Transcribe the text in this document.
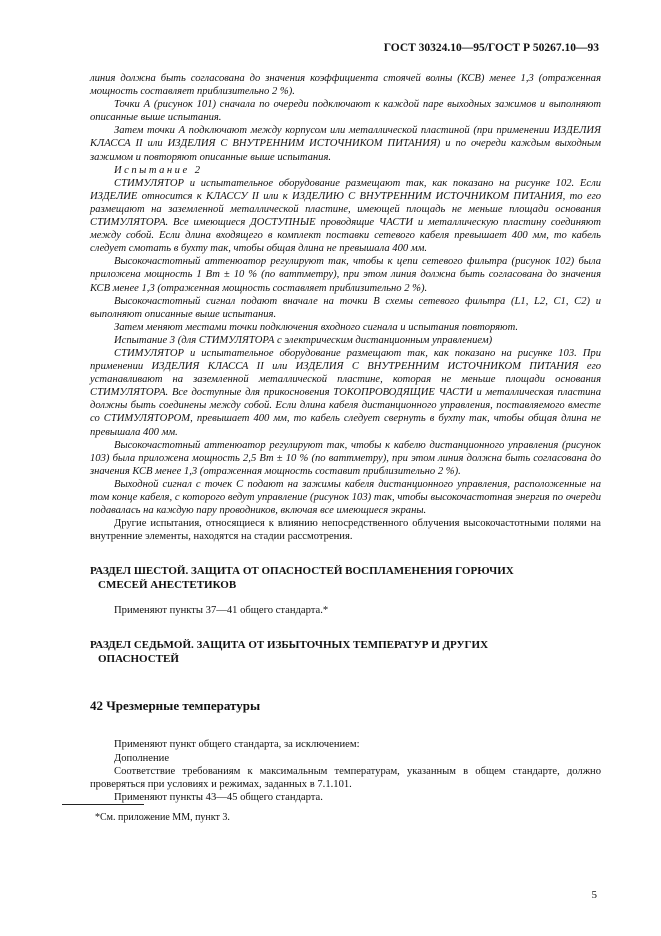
ГОСТ 30324.10—95/ГОСТ Р 50267.10—93

линия должна быть согласована до значения коэффициента стоячей волны (КСВ) менее 1,3 (отраженная мощность составляет приблизительно 2 %).

Точки А (рисунок 101) сначала по очереди подключают к каждой паре выходных зажимов и выполняют описанные выше испытания.

Затем точки А подключают между корпусом или металлической пластиной (при применении ИЗДЕЛИЯ КЛАССА II или ИЗДЕЛИЯ С ВНУТРЕННИМ ИСТОЧНИКОМ ПИТАНИЯ) и по очереди каждым выходным зажимом и повторяют описанные выше испытания.

Испытание 2

СТИМУЛЯТОР и испытательное оборудование размещают так, как показано на рисунке 102. Если ИЗДЕЛИЕ относится к КЛАССУ II или к ИЗДЕЛИЮ С ВНУТРЕННИМ ИСТОЧНИКОМ ПИТАНИЯ, то его размещают на заземленной металлической пластине, имеющей площадь не меньше площади основания СТИМУЛЯТОРА. Все имеющиеся ДОСТУПНЫЕ проводящие ЧАСТИ и металлическую пластину соединяют между собой. Если длина входящего в комплект поставки сетевого кабеля превышает 400 мм, то кабель следует смотать в бухту так, чтобы общая длина не превышала 400 мм.

Высокочастотный аттенюатор регулируют так, чтобы к цепи сетевого фильтра (рисунок 102) была приложена мощность 1 Вт ± 10 % (по ваттметру), при этом линия должна быть согласована до значения КСВ менее 1,3 (отраженная мощность составляет приблизительно 2 %).

Высокочастотный сигнал подают вначале на точки В схемы сетевого фильтра (L1, L2, C1, C2) и выполняют описанные выше испытания.

Затем меняют местами точки подключения входного сигнала и испытания повторяют.

Испытание 3 (для СТИМУЛЯТОРА с электрическим дистанционным управлением)

СТИМУЛЯТОР и испытательное оборудование размещают так, как показано на рисунке 103. При применении ИЗДЕЛИЯ КЛАССА II или ИЗДЕЛИЯ С ВНУТРЕННИМ ИСТОЧНИКОМ ПИТАНИЯ его устанавливают на заземленной металлической пластине, которая не меньше площади основания СТИМУЛЯТОРА. Все доступные для прикосновения ТОКОПРОВОДЯЩИЕ ЧАСТИ и металлическая пластина должны быть соединены между собой. Если длина кабеля дистанционного управления, поставляемого вместе со СТИМУЛЯТОРОМ, превышает 400 мм, то кабель следует свернуть в бухту так, чтобы общая длина не превышала 400 мм.

Высокочастотный аттенюатор регулируют так, чтобы к кабелю дистанционного управления (рисунок 103) была приложена мощность 2,5 Вт ± 10 % (по ваттметру), при этом линия должна быть согласована до значения КСВ менее 1,3 (отраженная мощность составит приблизительно 2 %).

Выходной сигнал с точек С подают на зажимы кабеля дистанционного управления, расположенные на том конце кабеля, с которого ведут управление (рисунок 103) так, чтобы высокочастотная энергия по очереди подавалась на каждую пару проводников, включая все имеющиеся экраны.

Другие испытания, относящиеся к влиянию непосредственного облучения высокочастотными полями на внутренние элементы, находятся на стадии рассмотрения.

РАЗДЕЛ ШЕСТОЙ. ЗАЩИТА ОТ ОПАСНОСТЕЙ ВОСПЛАМЕНЕНИЯ ГОРЮЧИХ
СМЕСЕЙ АНЕСТЕТИКОВ

Применяют пункты 37—41 общего стандарта.*

РАЗДЕЛ СЕДЬМОЙ. ЗАЩИТА ОТ ИЗБЫТОЧНЫХ ТЕМПЕРАТУР И ДРУГИХ
ОПАСНОСТЕЙ
42 Чрезмерные температуры

Применяют пункт общего стандарта, за исключением:

Дополнение

Соответствие требованиям к максимальным температурам, указанным в общем стандарте, должно проверяться при условиях и режимах, заданных в 7.1.101.

Применяют пункты 43—45 общего стандарта.

*См. приложение ММ, пункт 3.
5
